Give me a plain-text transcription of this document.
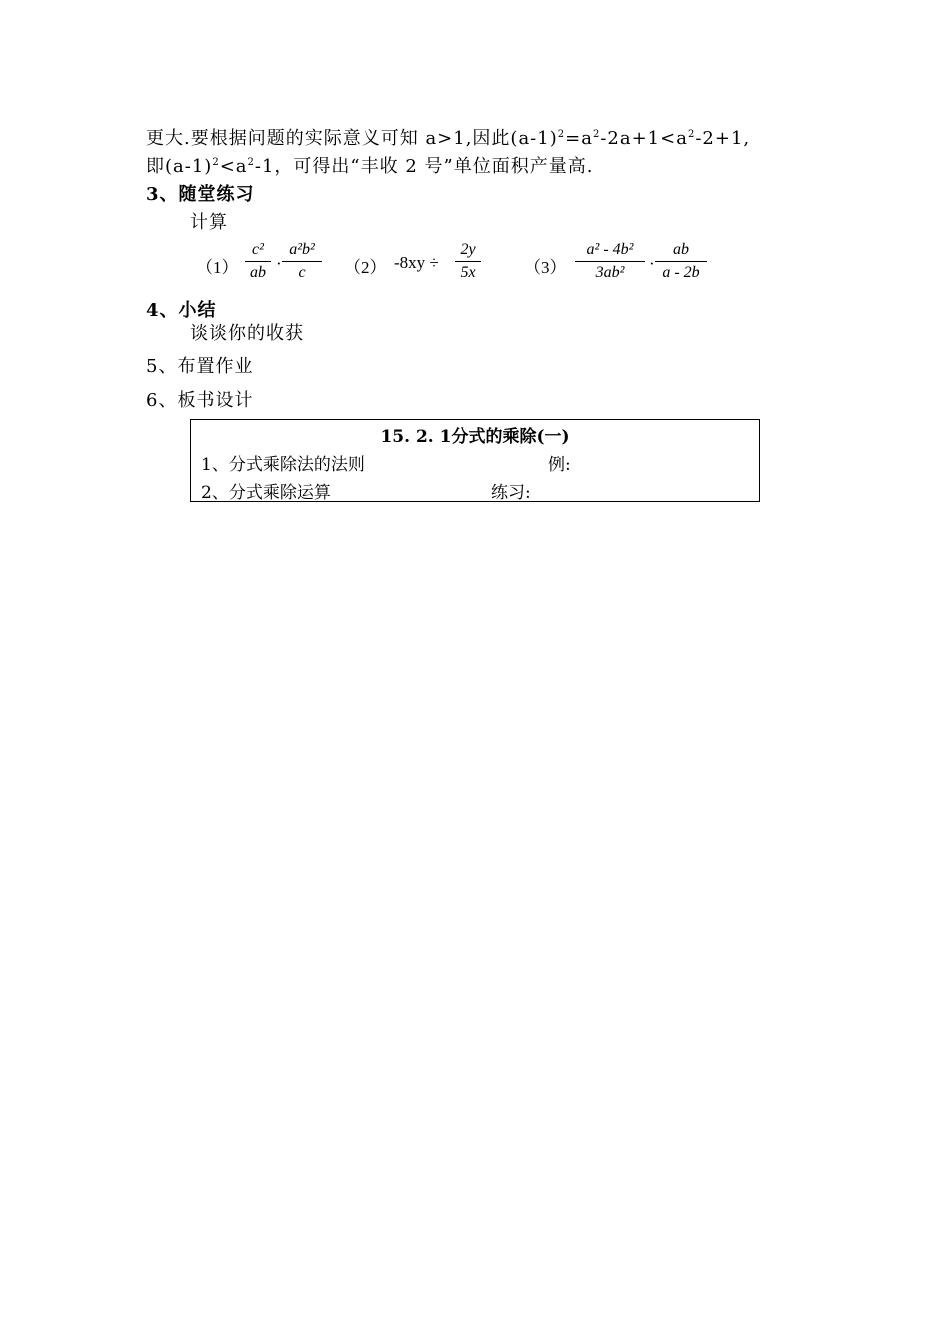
更大.要根据问题的实际意义可知 a>1,因此$(a-1)^2=a^2-2a+1<a^2-2+1$,
即$(a-1)^2<a^2-1$，可得出“丰收 2 号”单位面积产量高.
3、随堂练习
计算
（1）
c²
ab ·
a²b²
c	（2） -8xy ÷
2y
5x	（3）
a² - 4b²
3ab²	·
ab
a - 2b
4、小结
谈谈你的收获
5、布置作业
6、板书设计
15. 2. 1分式的乘除(一)
1、分式乘除法的法则	例:
2、分式乘除运算	练习:
